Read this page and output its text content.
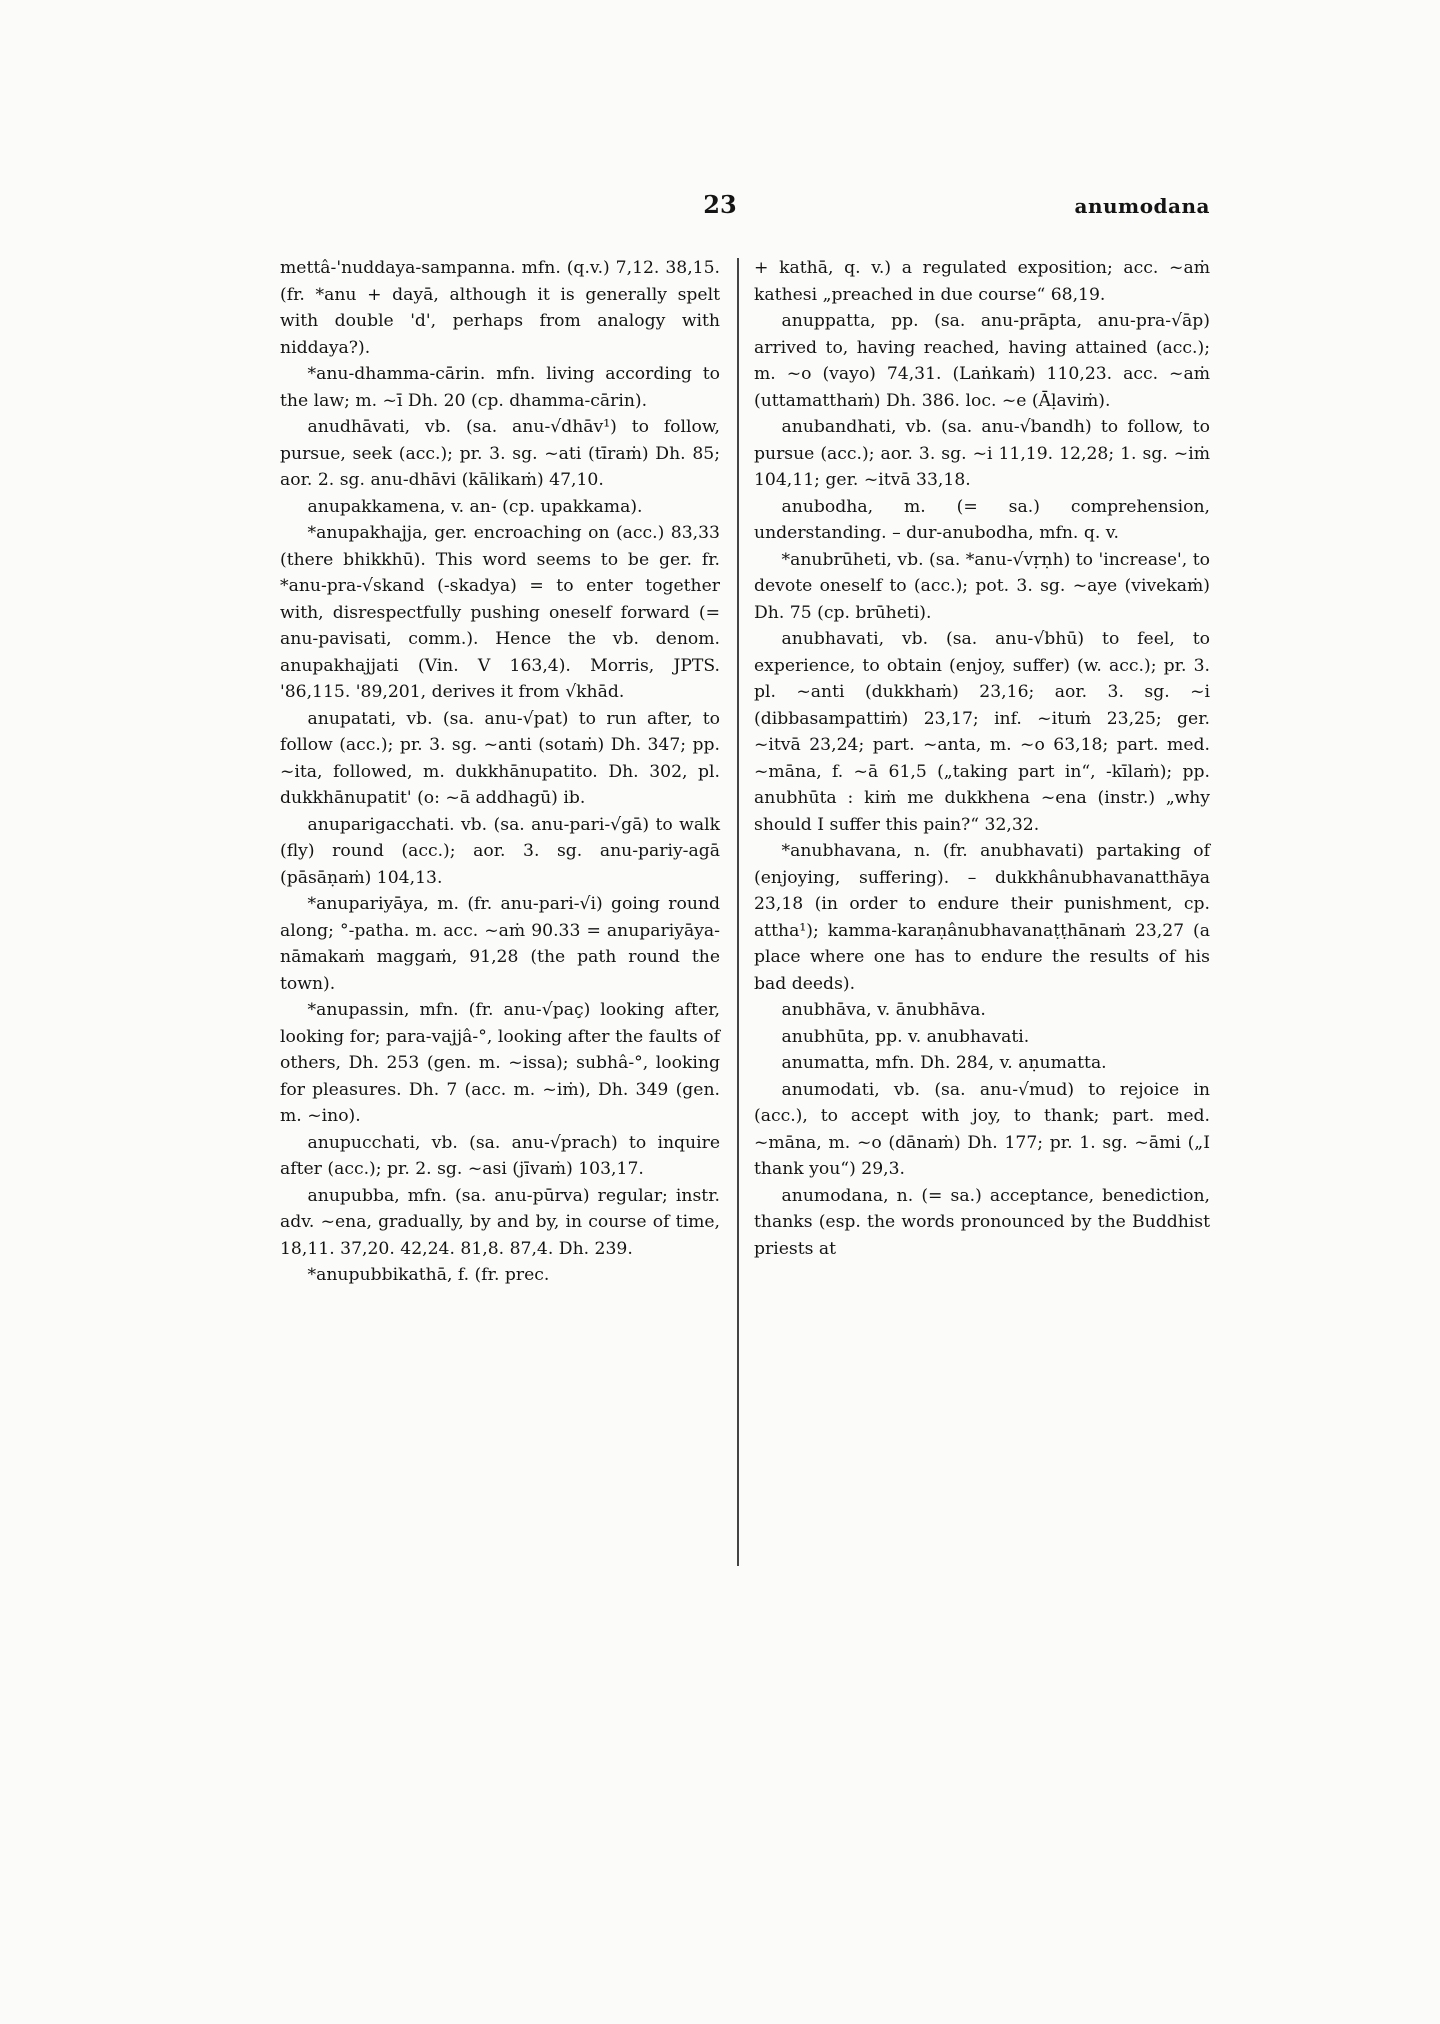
23	anumodana

mettâ-'nuddaya-sampanna. mfn. (q.v.) 7,12. 38,15. (fr. *anu + dayā, although it is generally spelt with double 'd', perhaps from analogy with niddaya?).

*anu-dhamma-cārin. mfn. living according to the law; m. ~ī Dh. 20 (cp. dhamma-cārin).

anudhāvati, vb. (sa. anu-√dhāv¹) to follow, pursue, seek (acc.); pr. 3. sg. ~ati (tīraṁ) Dh. 85; aor. 2. sg. anu-dhāvi (kālikaṁ) 47,10.

anupakkamena, v. an- (cp. upakkama).

*anupakhajja, ger. encroaching on (acc.) 83,33 (there bhikkhū). This word seems to be ger. fr. *anu-pra-√skand (-skadya) = to enter together with, disrespectfully pushing oneself forward (= anu-pavisati, comm.). Hence the vb. denom. anupakhajjati (Vin. V 163,4). Morris, JPTS. '86,115. '89,201, derives it from √khād.

anupatati, vb. (sa. anu-√pat) to run after, to follow (acc.); pr. 3. sg. ~anti (sotaṁ) Dh. 347; pp. ~ita, followed, m. dukkhānupatito. Dh. 302, pl. dukkhānupatit' (o: ~ā addhagū) ib.

anuparigacchati. vb. (sa. anu-pari-√gā) to walk (fly) round (acc.); aor. 3. sg. anu-pariy-agā (pāsāṇaṁ) 104,13.

*anupariyāya, m. (fr. anu-pari-√i) going round along; °-patha. m. acc. ~aṁ 90.33 = anupariyāya-nāmakaṁ maggaṁ, 91,28 (the path round the town).

*anupassin, mfn. (fr. anu-√paç) looking after, looking for; para-vajjâ-°, looking after the faults of others, Dh. 253 (gen. m. ~issa); subhâ-°, looking for pleasures. Dh. 7 (acc. m. ~iṁ), Dh. 349 (gen. m. ~ino).

anupucchati, vb. (sa. anu-√prach) to inquire after (acc.); pr. 2. sg. ~asi (jīvaṁ) 103,17.

anupubba, mfn. (sa. anu-pūrva) regular; instr. adv. ~ena, gradually, by and by, in course of time, 18,11. 37,20. 42,24. 81,8. 87,4. Dh. 239.

*anupubbikathā, f. (fr. prec.

+ kathā, q. v.) a regulated exposition; acc. ~aṁ kathesi „preached in due course“ 68,19.

anuppatta, pp. (sa. anu-prāpta, anu-pra-√āp) arrived to, having reached, having attained (acc.); m. ~o (vayo) 74,31. (Laṅkaṁ) 110,23. acc. ~aṁ (uttamatthaṁ) Dh. 386. loc. ~e (Āḷaviṁ).

anubandhati, vb. (sa. anu-√bandh) to follow, to pursue (acc.); aor. 3. sg. ~i 11,19. 12,28; 1. sg. ~iṁ 104,11; ger. ~itvā 33,18.

anubodha, m. (= sa.) comprehension, understanding. – dur-anubodha, mfn. q. v.

*anubrūheti, vb. (sa. *anu-√vṛṇh) to 'increase', to devote oneself to (acc.); pot. 3. sg. ~aye (vivekaṁ) Dh. 75 (cp. brūheti).

anubhavati, vb. (sa. anu-√bhū) to feel, to experience, to obtain (enjoy, suffer) (w. acc.); pr. 3. pl. ~anti (dukkhaṁ) 23,16; aor. 3. sg. ~i (dibbasampattiṁ) 23,17; inf. ~ituṁ 23,25; ger. ~itvā 23,24; part. ~anta, m. ~o 63,18; part. med. ~māna, f. ~ā 61,5 („taking part in“, -kīlaṁ); pp. anubhūta : kiṁ me dukkhena ~ena (instr.) „why should I suffer this pain?“ 32,32.

*anubhavana, n. (fr. anubhavati) partaking of (enjoying, suffering). – dukkhânubhavanatthāya 23,18 (in order to endure their punishment, cp. attha¹); kamma-karaṇânubhavanaṭṭhānaṁ 23,27 (a place where one has to endure the results of his bad deeds).

anubhāva, v. ānubhāva.

anubhūta, pp. v. anubhavati.

anumatta, mfn. Dh. 284, v. aṇumatta.

anumodati, vb. (sa. anu-√mud) to rejoice in (acc.), to accept with joy, to thank; part. med. ~māna, m. ~o (dānaṁ) Dh. 177; pr. 1. sg. ~āmi („I thank you“) 29,3.

anumodana, n. (= sa.) acceptance, benediction, thanks (esp. the words pronounced by the Buddhist priests at
